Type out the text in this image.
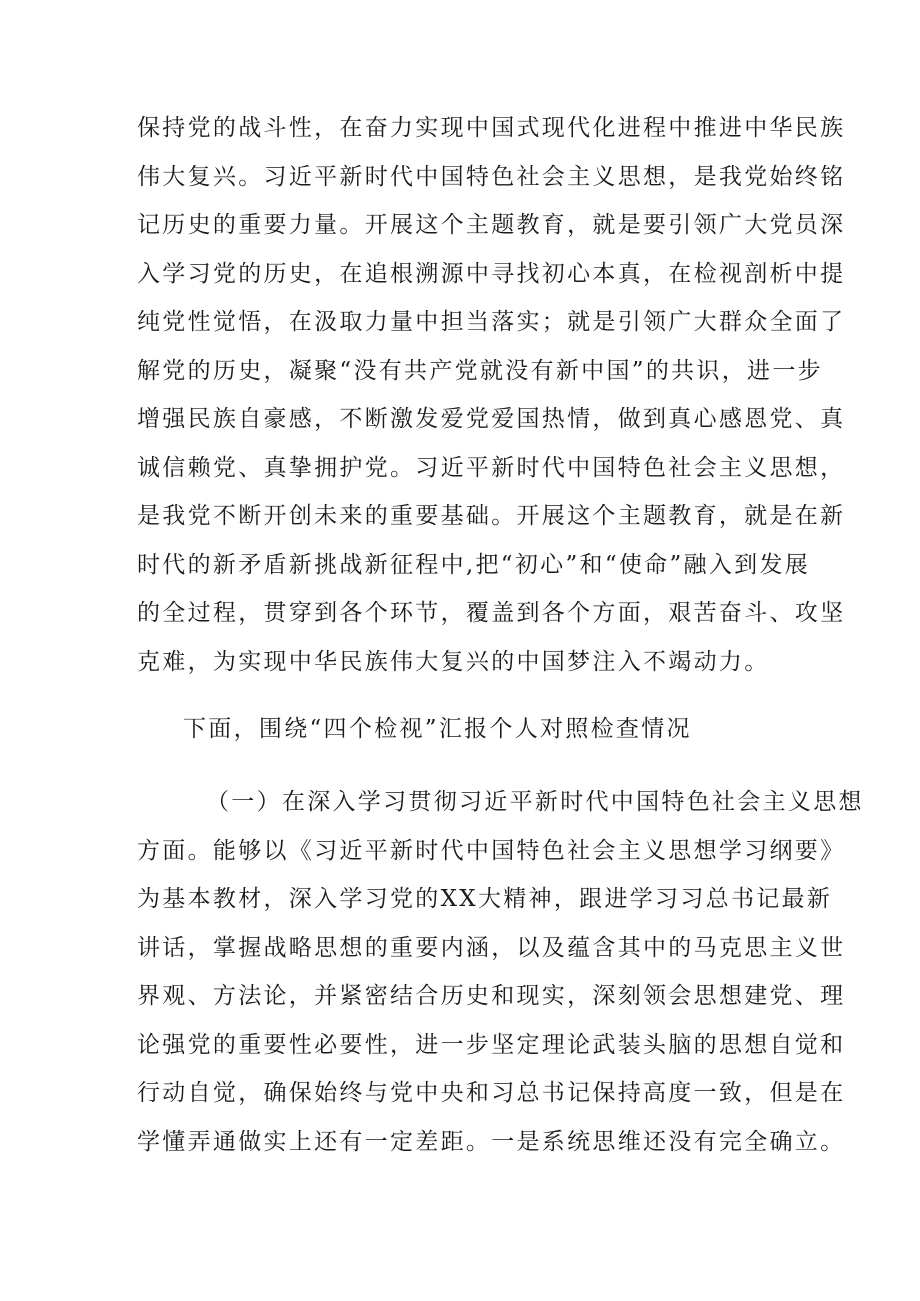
保持党的战斗性，在奋力实现中国式现代化进程中推进中华民族
伟大复兴。习近平新时代中国特色社会主义思想，是我党始终铭
记历史的重要力量。开展这个主题教育，就是要引领广大党员深
入学习党的历史，在追根溯源中寻找初心本真，在检视剖析中提
纯党性觉悟，在汲取力量中担当落实；就是引领广大群众全面了
解党的历史，凝聚“没有共产党就没有新中国”的共识，进一步
增强民族自豪感，不断激发爱党爱国热情，做到真心感恩党、真
诚信赖党、真挚拥护党。习近平新时代中国特色社会主义思想，
是我党不断开创未来的重要基础。开展这个主题教育，就是在新
时代的新矛盾新挑战新征程中,把“初心”和“使命”融入到发展
的全过程，贯穿到各个环节，覆盖到各个方面，艰苦奋斗、攻坚
克难，为实现中华民族伟大复兴的中国梦注入不竭动力。
下面，围绕“四个检视”汇报个人对照检查情况
（一）在深入学习贯彻习近平新时代中国特色社会主义思想
方面。能够以《习近平新时代中国特色社会主义思想学习纲要》
为基本教材，深入学习党的XX大精神，跟进学习习总书记最新
讲话，掌握战略思想的重要内涵，以及蕴含其中的马克思主义世
界观、方法论，并紧密结合历史和现实，深刻领会思想建党、理
论强党的重要性必要性，进一步坚定理论武装头脑的思想自觉和
行动自觉，确保始终与党中央和习总书记保持高度一致，但是在
学懂弄通做实上还有一定差距。一是系统思维还没有完全确立。
